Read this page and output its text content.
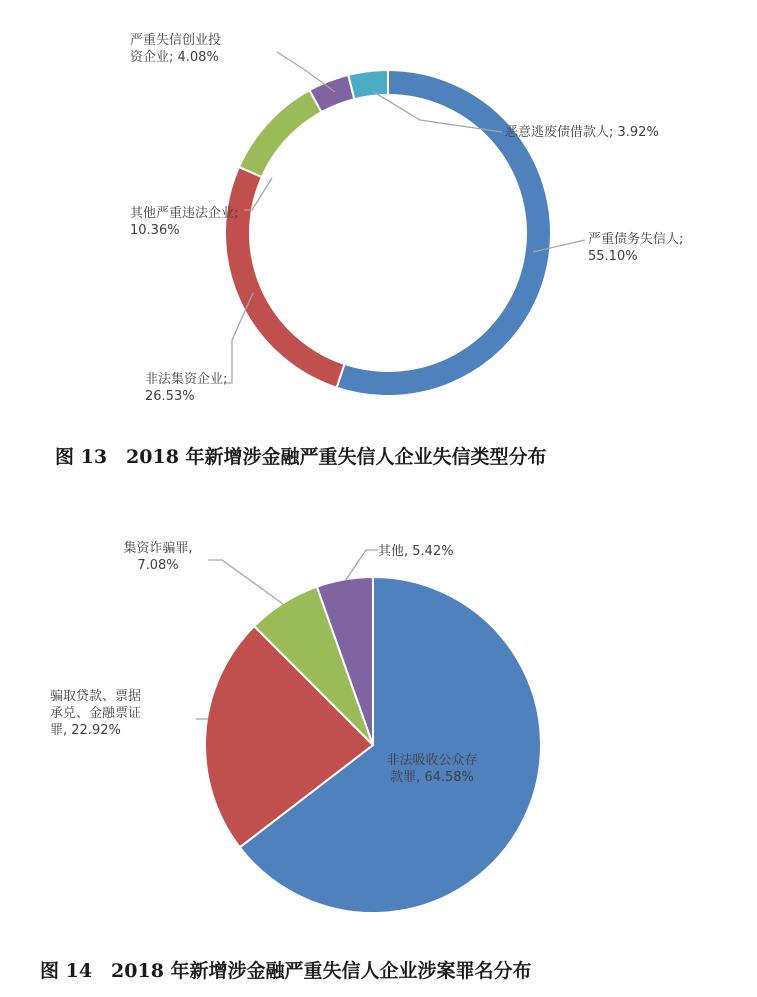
严重债务失信人; 55.10%
非法集资企业; 26.53%
其他严重违法企业; 10.36%
严重失信创业投资企业; 4.08%
恶意逃废债借款人; 3.92%
图 13　2018 年新增涉金融严重失信人企业失信类型分布
非法吸收公众存款罪, 64.58%
骗取贷款、票据承兑、金融票证罪, 22.92%
集资诈骗罪, 7.08%
其他, 5.42%
图 14　2018 年新增涉金融严重失信人企业涉案罪名分布
